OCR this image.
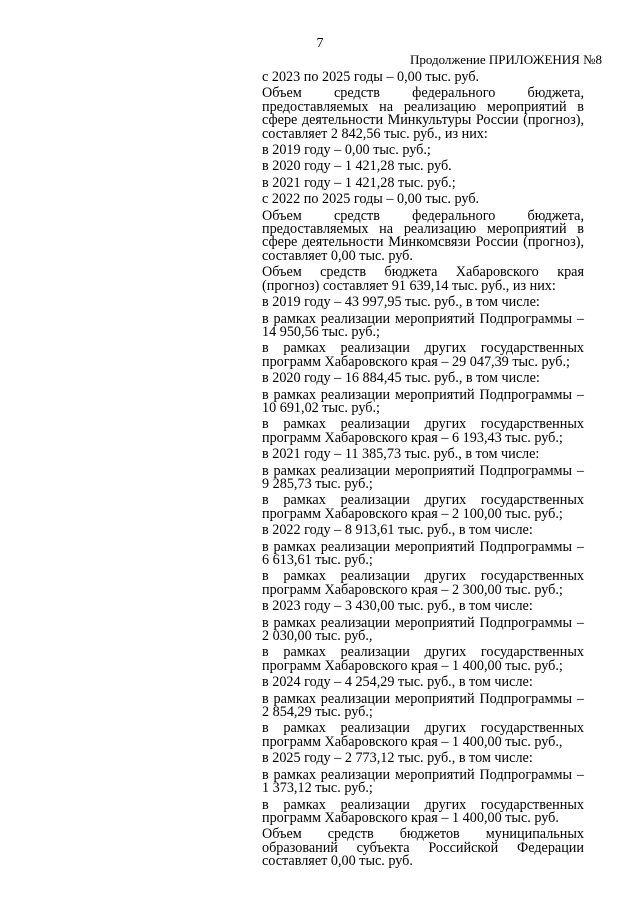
7
Продолжение ПРИЛОЖЕНИЯ №8

с 2023 по 2025 годы – 0,00 тыс. руб.

Объем средств федерального бюджета, предоставляемых на реализацию мероприятий в сфере деятельности Минкультуры России (прогноз), составляет 2 842,56 тыс. руб., из них:

в 2019 году – 0,00 тыс. руб.;

в 2020 году – 1 421,28 тыс. руб.

в 2021 году – 1 421,28 тыс. руб.;

с 2022 по 2025 годы – 0,00 тыс. руб.

Объем средств федерального бюджета, предоставляемых на реализацию мероприятий в сфере деятельности Минкомсвязи России (прогноз), составляет 0,00 тыс. руб.

Объем средств бюджета Хабаровского края (прогноз) составляет 91 639,14 тыс. руб., из них:

в 2019 году – 43 997,95 тыс. руб., в том числе:

в рамках реализации мероприятий Подпрограммы – 14 950,56 тыс. руб.;

в рамках реализации других государственных программ Хабаровского края – 29 047,39 тыс. руб.;

в 2020 году – 16 884,45 тыс. руб., в том числе:

в рамках реализации мероприятий Подпрограммы – 10 691,02 тыс. руб.;

в рамках реализации других государственных программ Хабаровского края – 6 193,43 тыс. руб.;

в 2021 году – 11 385,73 тыс. руб., в том числе:

в рамках реализации мероприятий Подпрограммы – 9 285,73 тыс. руб.;

в рамках реализации других государственных программ Хабаровского края – 2 100,00 тыс. руб.;

в 2022 году – 8 913,61 тыс. руб., в том числе:

в рамках реализации мероприятий Подпрограммы – 6 613,61 тыс. руб.;

в рамках реализации других государственных программ Хабаровского края – 2 300,00 тыс. руб.;

в 2023 году – 3 430,00 тыс. руб., в том числе:

в рамках реализации мероприятий Подпрограммы – 2 030,00 тыс. руб.,

в рамках реализации других государственных программ Хабаровского края – 1 400,00 тыс. руб.;

в 2024 году – 4 254,29 тыс. руб., в том числе:

в рамках реализации мероприятий Подпрограммы – 2 854,29 тыс. руб.;

в рамках реализации других государственных программ Хабаровского края – 1 400,00 тыс. руб.,

в 2025 году – 2 773,12 тыс. руб., в том числе:

в рамках реализации мероприятий Подпрограммы – 1 373,12 тыс. руб.;

в рамках реализации других государственных программ Хабаровского края – 1 400,00 тыс. руб.

Объем средств бюджетов муниципальных образований субъекта Российской Федерации составляет 0,00 тыс. руб.
